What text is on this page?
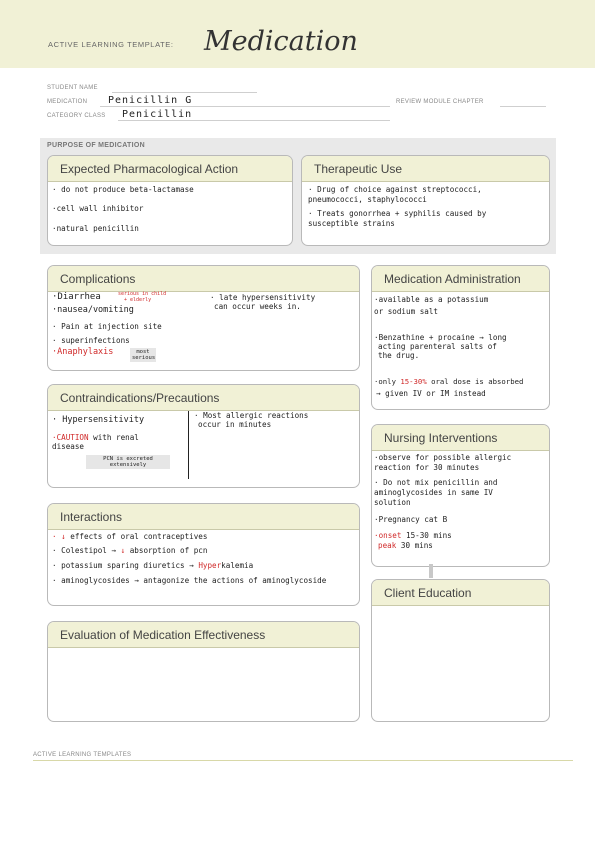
ACTIVE LEARNING TEMPLATE: Medication
STUDENT NAME
MEDICATION Penicillin G	REVIEW MODULE CHAPTER
CATEGORY CLASS Penicillin
PURPOSE OF MEDICATION
Expected Pharmacological Action
· do not produce beta-lactamase
·cell wall inhibitor
·natural penicillin
Therapeutic Use
· Drug of choice against streptococci,
pneumococci, staphylococci
· Treats gonorrhea + syphilis caused by
susceptible strains
Complications
·Diarrhea	serious in child
+ elderly
·nausea/vomiting
· Pain at injection site
· superinfections
·Anaphylaxis	most serious
· late hypersensitivity
can occur weeks in.
Contraindications/Precautions
· Hypersensitivity
·CAUTION with renal
disease
PCN is excreted
extensively
· Most allergic reactions
occur in minutes
Interactions
· ↓ effects of oral contraceptives
· Colestipol → ↓ absorption of pcn
· potassium sparing diuretics → Hyperkalemia
· aminoglycosides → antagonize the actions of aminoglycoside
Evaluation of Medication Effectiveness
Medication Administration
·available as a potassium
or sodium salt
·Benzathine + procaine → long
acting parenteral salts of
the drug.
·only 15-30% oral dose is absorbed
→ given IV or IM instead
Nursing Interventions
·observe for possible allergic
reaction for 30 minutes
· Do not mix penicillin and
aminoglycosides in same IV
solution
·Pregnancy cat B
·onset 15-30 mins
peak 30 mins
Client Education
ACTIVE LEARNING TEMPLATES
